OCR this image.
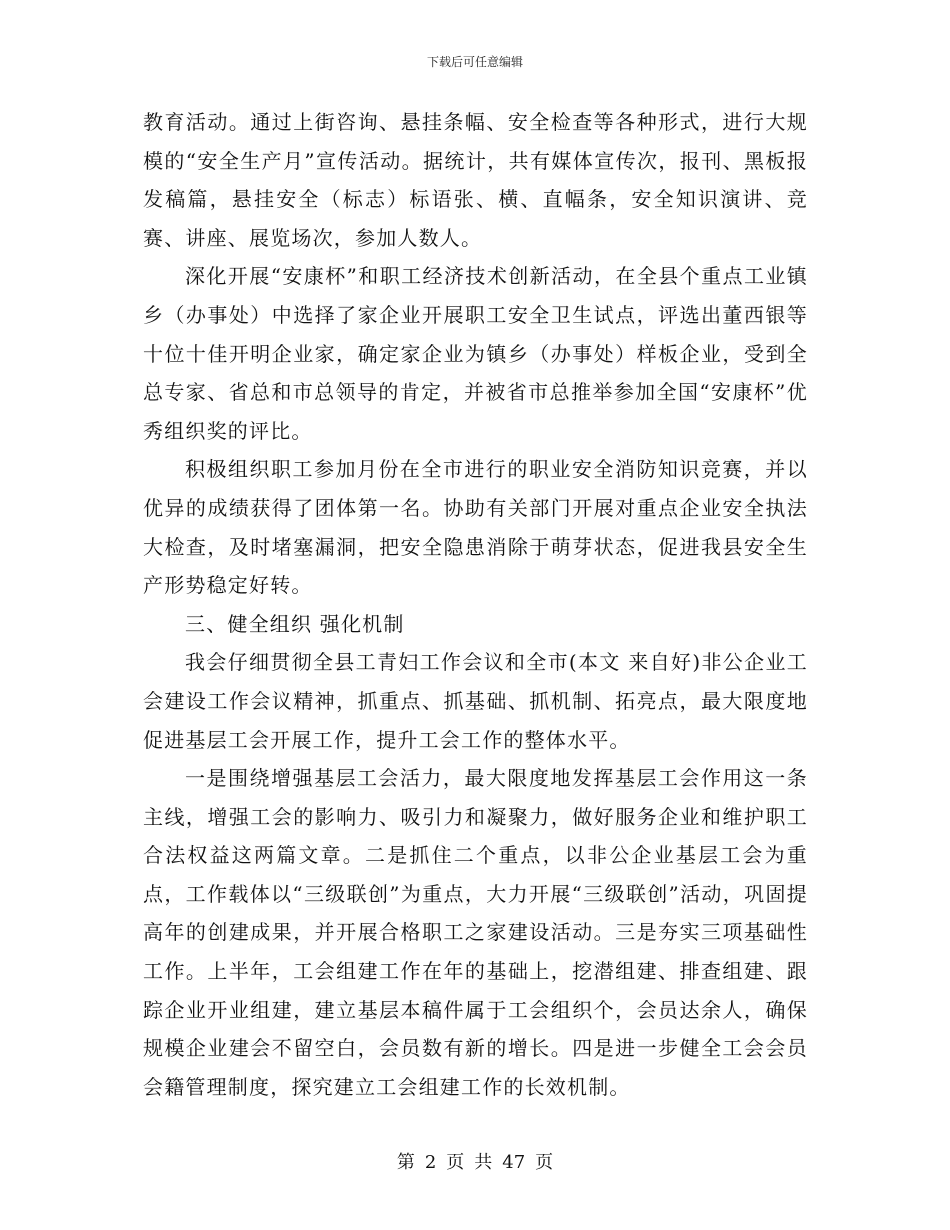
下载后可任意编辑

教育活动。通过上街咨询、悬挂条幅、安全检查等各种形式，进行大规模的“安全生产月”宣传活动。据统计，共有媒体宣传次，报刊、黑板报发稿篇，悬挂安全（标志）标语张、横、直幅条，安全知识演讲、竞赛、讲座、展览场次，参加人数人。

深化开展“安康杯”和职工经济技术创新活动，在全县个重点工业镇乡（办事处）中选择了家企业开展职工安全卫生试点，评选出董西银等十位十佳开明企业家，确定家企业为镇乡（办事处）样板企业，受到全总专家、省总和市总领导的肯定，并被省市总推举参加全国“安康杯”优秀组织奖的评比。

积极组织职工参加月份在全市进行的职业安全消防知识竞赛，并以优异的成绩获得了团体第一名。协助有关部门开展对重点企业安全执法大检查，及时堵塞漏洞，把安全隐患消除于萌芽状态，促进我县安全生产形势稳定好转。

三、健全组织 强化机制

我会仔细贯彻全县工青妇工作会议和全市(本文 来自好)非公企业工会建设工作会议精神，抓重点、抓基础、抓机制、拓亮点，最大限度地促进基层工会开展工作，提升工会工作的整体水平。

一是围绕增强基层工会活力，最大限度地发挥基层工会作用这一条主线，增强工会的影响力、吸引力和凝聚力，做好服务企业和维护职工合法权益这两篇文章。二是抓住二个重点，以非公企业基层工会为重点，工作载体以“三级联创”为重点，大力开展“三级联创”活动，巩固提高年的创建成果，并开展合格职工之家建设活动。三是夯实三项基础性工作。上半年，工会组建工作在年的基础上，挖潜组建、排查组建、跟踪企业开业组建，建立基层本稿件属于工会组织个，会员达余人，确保规模企业建会不留空白，会员数有新的增长。四是进一步健全工会会员会籍管理制度，探究建立工会组建工作的长效机制。

第 2 页 共 47 页
